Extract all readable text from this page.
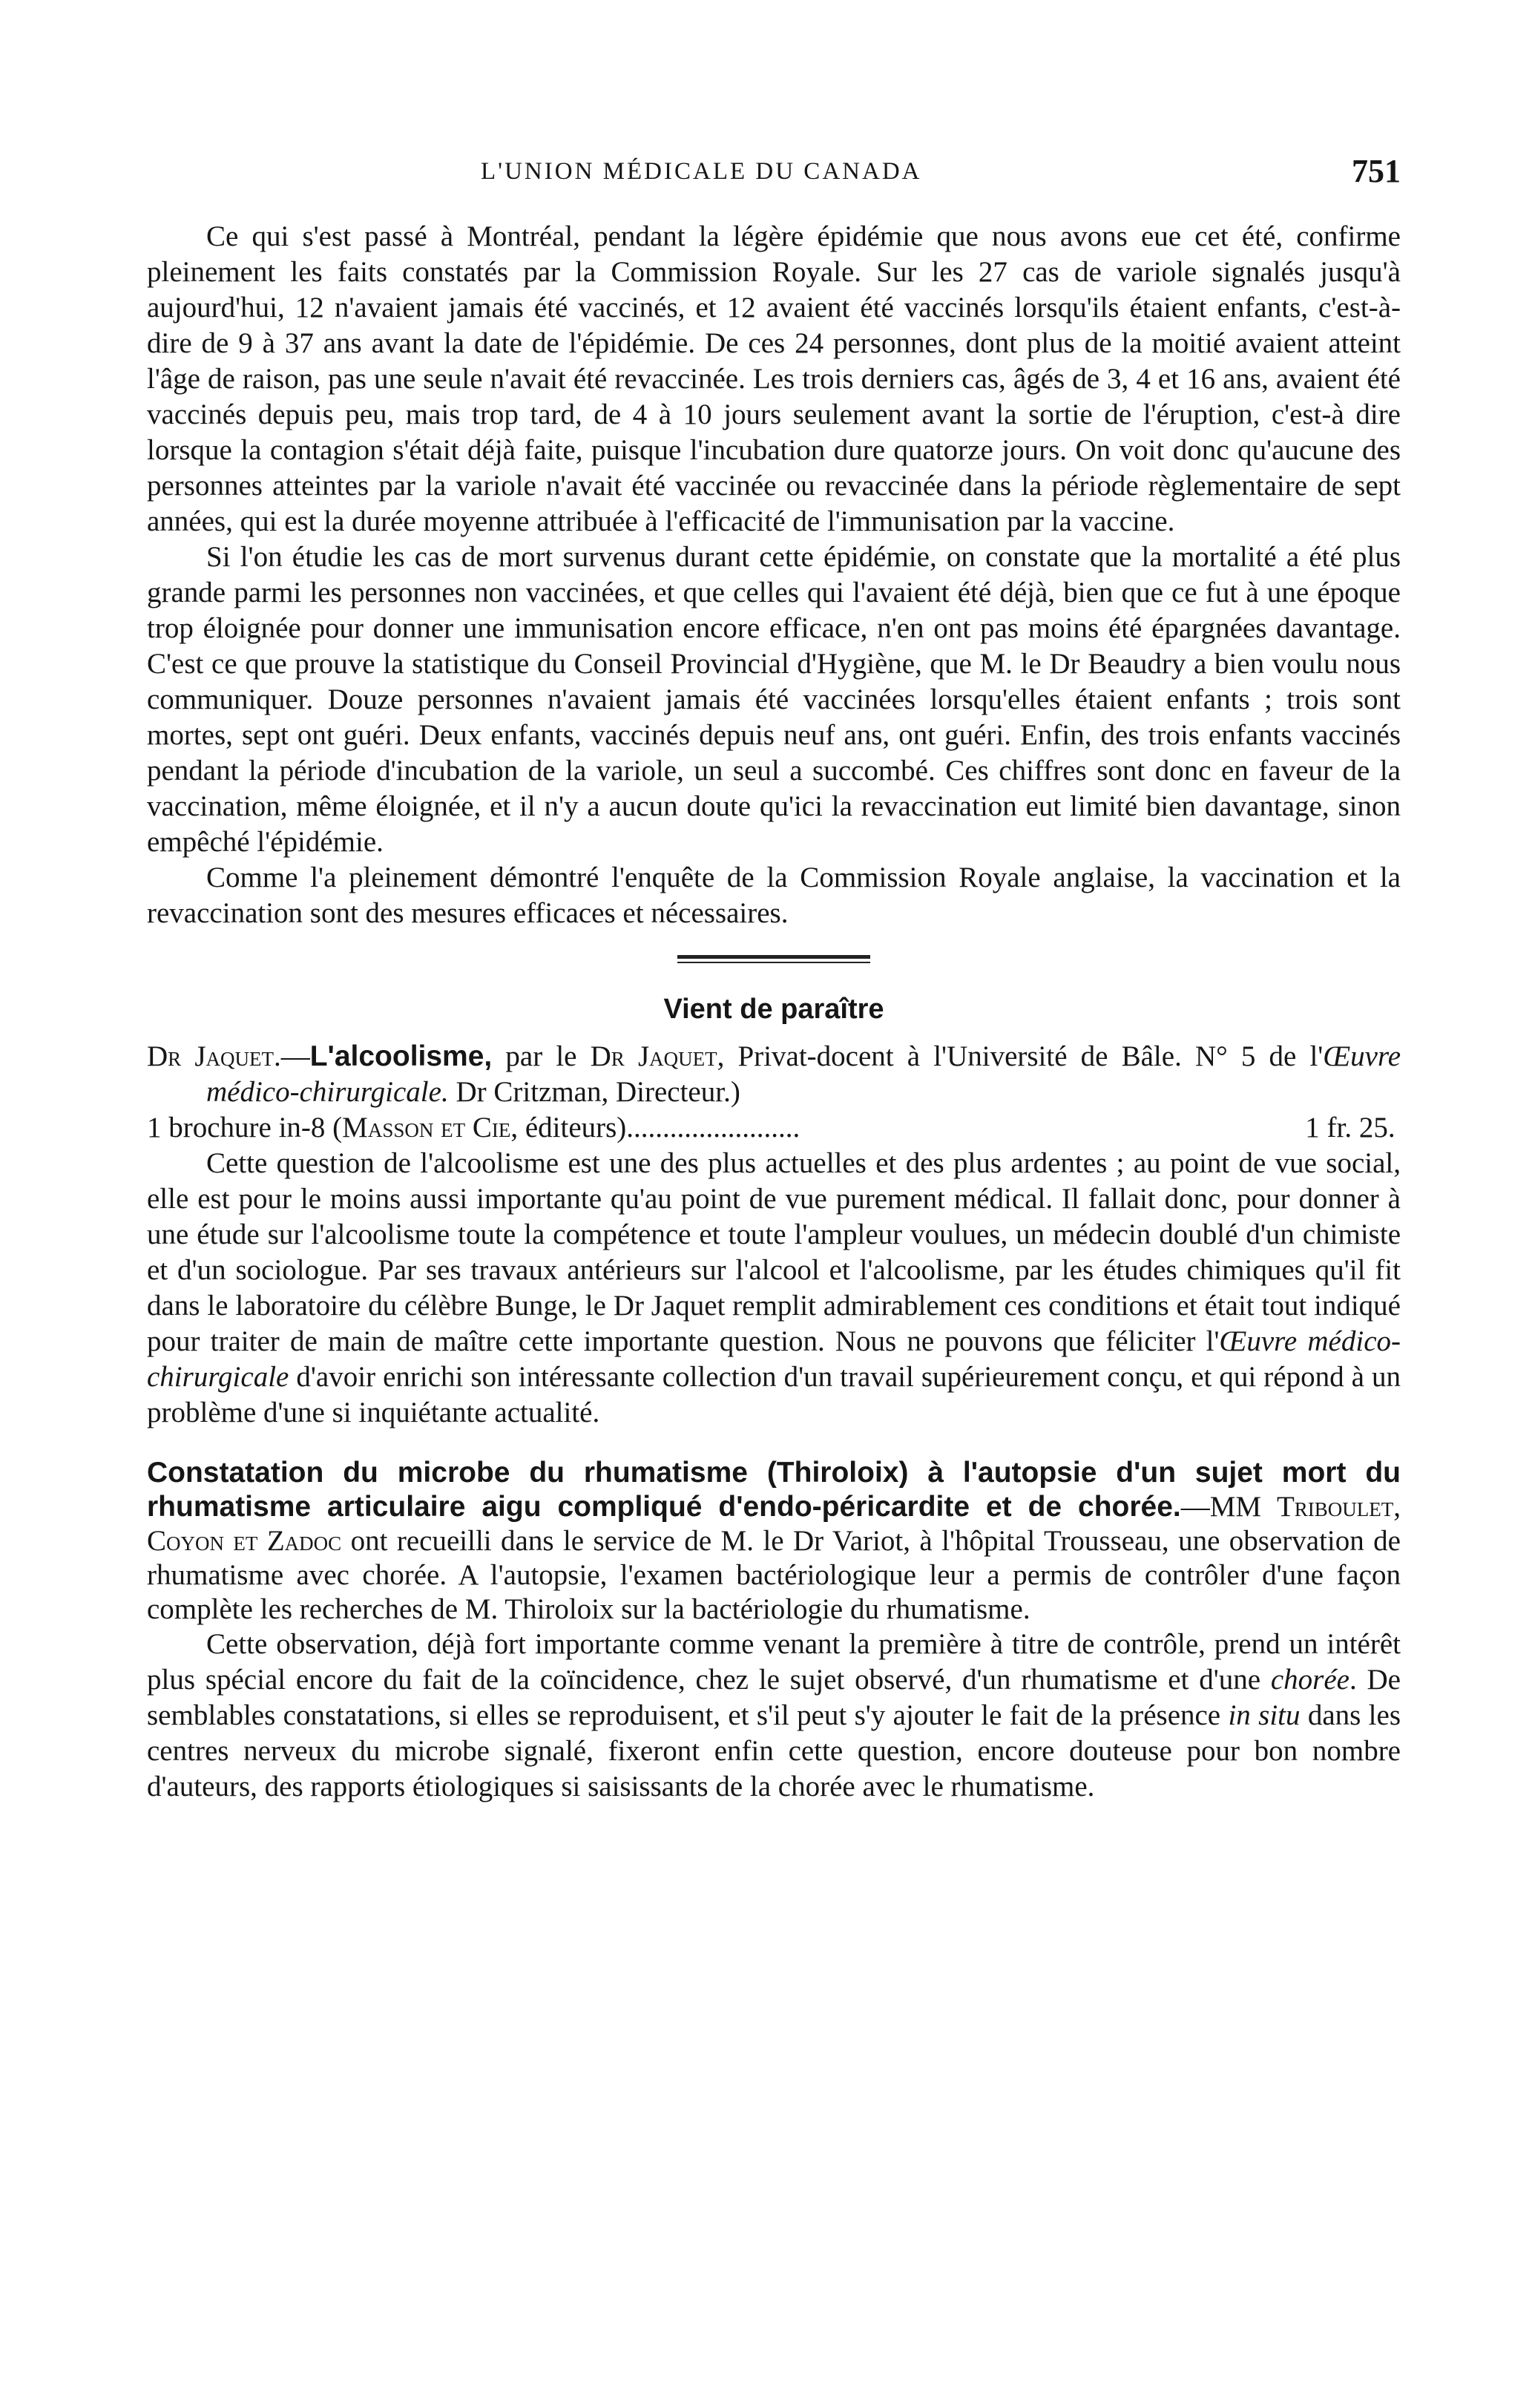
L'UNION MÉDICALE DU CANADA	751

Ce qui s'est passé à Montréal, pendant la légère épidémie que nous avons eue cet été, confirme pleinement les faits constatés par la Commission Royale. Sur les 27 cas de variole signalés jusqu'à aujourd'hui, 12 n'avaient jamais été vaccinés, et 12 avaient été vaccinés lorsqu'ils étaient enfants, c'est-à-dire de 9 à 37 ans avant la date de l'épidémie. De ces 24 personnes, dont plus de la moitié avaient atteint l'âge de raison, pas une seule n'avait été revaccinée. Les trois derniers cas, âgés de 3, 4 et 16 ans, avaient été vaccinés depuis peu, mais trop tard, de 4 à 10 jours seulement avant la sortie de l'éruption, c'est-à dire lorsque la contagion s'était déjà faite, puisque l'incubation dure quatorze jours. On voit donc qu'aucune des personnes atteintes par la variole n'avait été vaccinée ou revaccinée dans la période règlementaire de sept années, qui est la durée moyenne attribuée à l'efficacité de l'immunisation par la vaccine.

Si l'on étudie les cas de mort survenus durant cette épidémie, on constate que la mortalité a été plus grande parmi les personnes non vaccinées, et que celles qui l'avaient été déjà, bien que ce fut à une époque trop éloignée pour donner une immunisation encore efficace, n'en ont pas moins été épargnées davantage. C'est ce que prouve la statistique du Conseil Provincial d'Hygiène, que M. le Dr Beaudry a bien voulu nous communiquer. Douze personnes n'avaient jamais été vaccinées lorsqu'elles étaient enfants ; trois sont mortes, sept ont guéri. Deux enfants, vaccinés depuis neuf ans, ont guéri. Enfin, des trois enfants vaccinés pendant la période d'incubation de la variole, un seul a succombé. Ces chiffres sont donc en faveur de la vaccination, même éloignée, et il n'y a aucun doute qu'ici la revaccination eut limité bien davantage, sinon empêché l'épidémie.

Comme l'a pleinement démontré l'enquête de la Commission Royale anglaise, la vaccination et la revaccination sont des mesures efficaces et nécessaires.

Vient de paraître
Dr Jaquet.—L'alcoolisme, par le Dr Jaquet, Privat-docent à l'Université de Bâle. N° 5 de l'Œuvre médico-chirurgicale. Dr Critzman, Directeur.)
1 brochure in-8 (Masson et Cie, éditeurs)........................	1 fr. 25.

Cette question de l'alcoolisme est une des plus actuelles et des plus ardentes ; au point de vue social, elle est pour le moins aussi importante qu'au point de vue purement médical. Il fallait donc, pour donner à une étude sur l'alcoolisme toute la compétence et toute l'ampleur voulues, un médecin doublé d'un chimiste et d'un sociologue. Par ses travaux antérieurs sur l'alcool et l'alcoolisme, par les études chimiques qu'il fit dans le laboratoire du célèbre Bunge, le Dr Jaquet remplit admirablement ces conditions et était tout indiqué pour traiter de main de maître cette importante question. Nous ne pouvons que féliciter l'Œuvre médico-chirurgicale d'avoir enrichi son intéressante collection d'un travail supérieurement conçu, et qui répond à un problème d'une si inquiétante actualité.

Constatation du microbe du rhumatisme (Thiroloix) à l'autopsie d'un sujet mort du rhumatisme articulaire aigu compliqué d'endo-péricardite et de chorée.—MM Triboulet, Coyon et Zadoc ont recueilli dans le service de M. le Dr Variot, à l'hôpital Trousseau, une observation de rhumatisme avec chorée. A l'autopsie, l'examen bactériologique leur a permis de contrôler d'une façon complète les recherches de M. Thiroloix sur la bactériologie du rhumatisme.

Cette observation, déjà fort importante comme venant la première à titre de contrôle, prend un intérêt plus spécial encore du fait de la coïncidence, chez le sujet observé, d'un rhumatisme et d'une chorée. De semblables constatations, si elles se reproduisent, et s'il peut s'y ajouter le fait de la présence in situ dans les centres nerveux du microbe signalé, fixeront enfin cette question, encore douteuse pour bon nombre d'auteurs, des rapports étiologiques si saisissants de la chorée avec le rhumatisme.
